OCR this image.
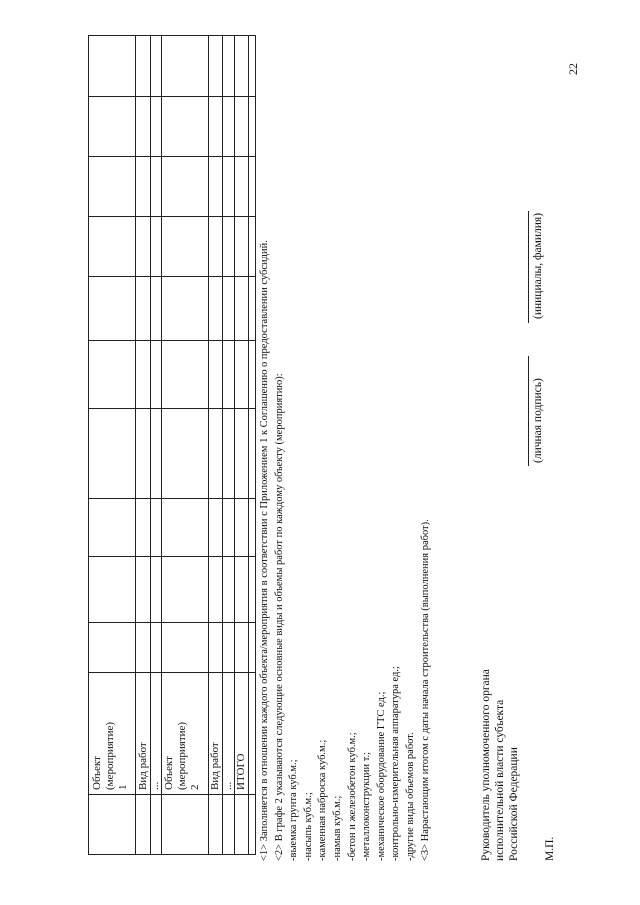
Объект (мероприятие) 1 Вид работ ... Объект (мероприятие) 2 Вид работ ... ИТОГО <1> Заполняется в отношении каждого объекта/мероприятия в соответствии с Приложением 1 к Соглашению о предоставлении субсидий. <2> В графе 2 указываются следующие основные виды и объемы работ по каждому объекту (мероприятию): -выемка грунта куб.м.; -насыпь куб.м.; -каменная наброска куб.м.; -намыв куб.м.; -бетон и железобетон куб.м.; -металлоконструкции т.; -механическое оборудование ГТС ед.; -контрольно-измерительная аппаратура ед.; -другие виды объемов работ. <3> Нарастающим итогом с даты начала строительства (выполнения работ).	Руководитель уполномоченного органа исполнительной власти субъекта Российской Федерации
(личная подпись)
(инициалы, фамилия)
М.П.
22
